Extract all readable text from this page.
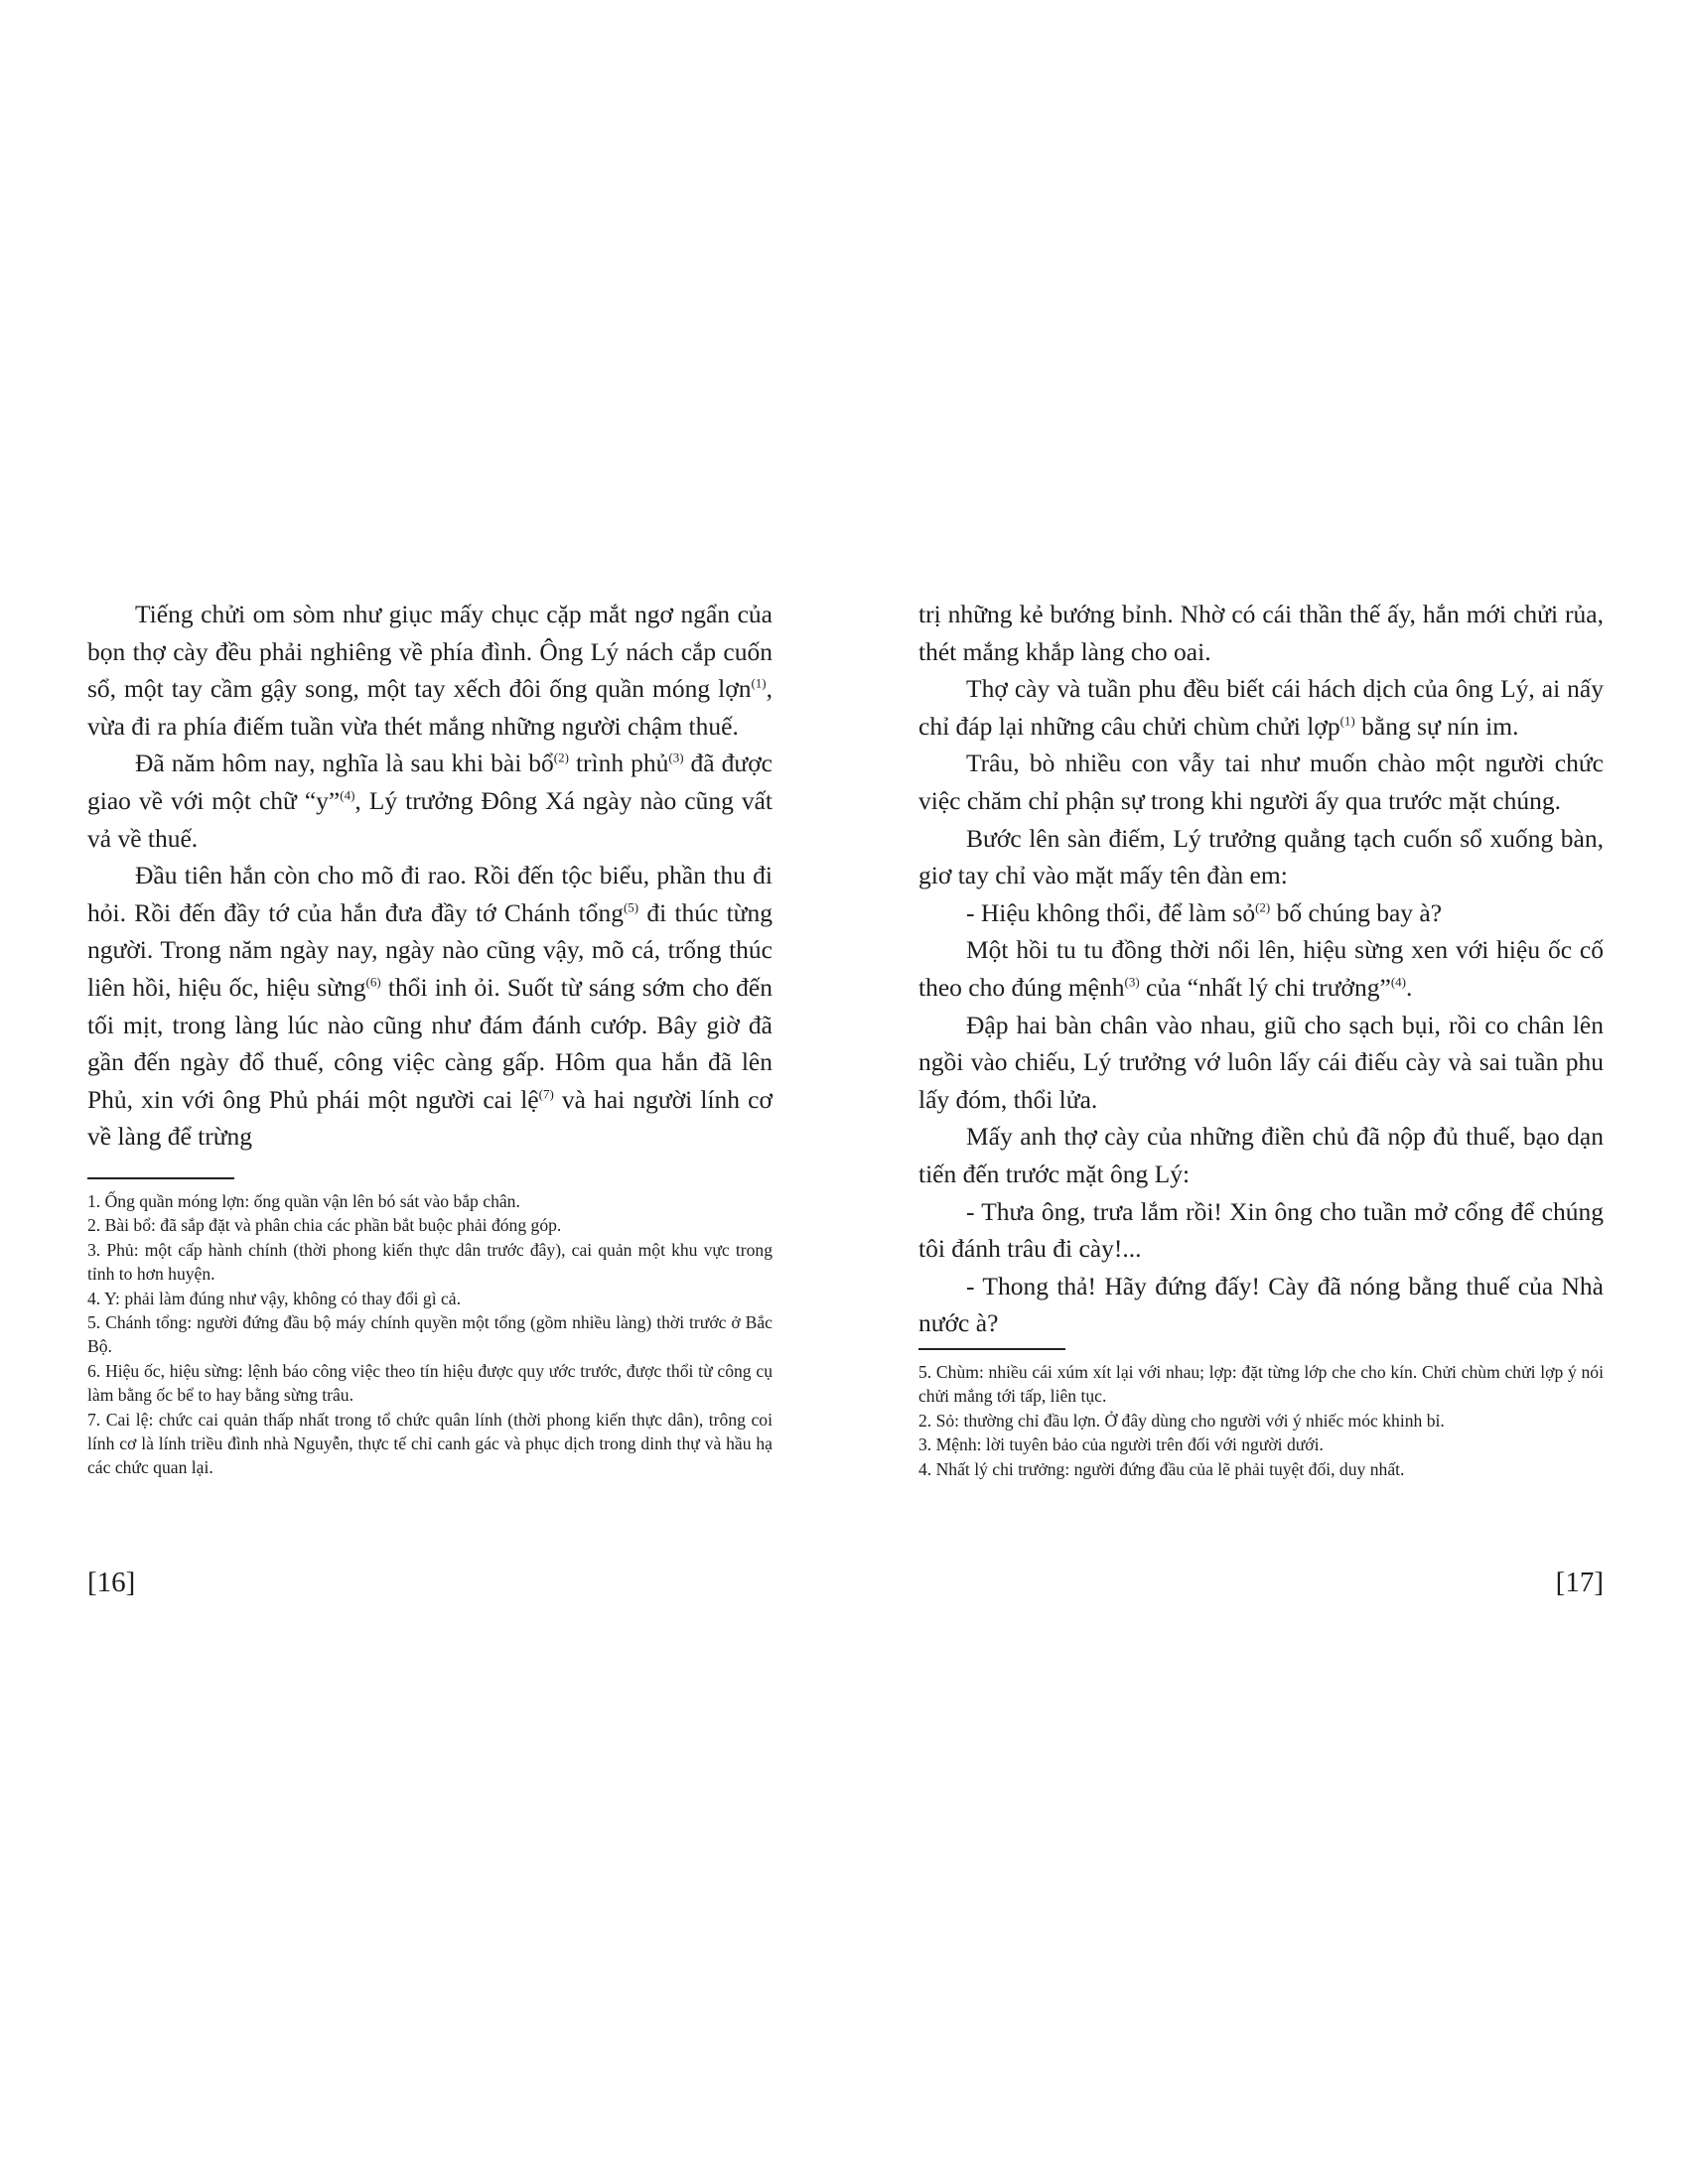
Tiếng chửi om sòm như giục mấy chục cặp mắt ngơ ngẩn của bọn thợ cày đều phải nghiêng về phía đình. Ông Lý nách cắp cuốn sổ, một tay cầm gậy song, một tay xếch đôi ống quần móng lợn$^{(1)}$, vừa đi ra phía điếm tuần vừa thét mắng những người chậm thuế.

Đã năm hôm nay, nghĩa là sau khi bài bổ$^{(2)}$ trình phủ$^{(3)}$ đã được giao về với một chữ “y”$^{(4)}$, Lý trưởng Đông Xá ngày nào cũng vất vả về thuế.

Đầu tiên hắn còn cho mõ đi rao. Rồi đến tộc biểu, phần thu đi hỏi. Rồi đến đầy tớ của hắn đưa đầy tớ Chánh tổng$^{(5)}$ đi thúc từng người. Trong năm ngày nay, ngày nào cũng vậy, mõ cá, trống thúc liên hồi, hiệu ốc, hiệu sừng$^{(6)}$ thổi inh ỏi. Suốt từ sáng sớm cho đến tối mịt, trong làng lúc nào cũng như đám đánh cướp. Bây giờ đã gần đến ngày đổ thuế, công việc càng gấp. Hôm qua hắn đã lên Phủ, xin với ông Phủ phái một người cai lệ$^{(7)}$ và hai người lính cơ về làng để trừng

1. Ống quần móng lợn: ống quần vận lên bó sát vào bắp chân.
2. Bài bổ: đã sắp đặt và phân chia các phần bắt buộc phải đóng góp.
3. Phủ: một cấp hành chính (thời phong kiến thực dân trước đây), cai quản một khu vực trong tỉnh to hơn huyện.
4. Y: phải làm đúng như vậy, không có thay đổi gì cả.
5. Chánh tổng: người đứng đầu bộ máy chính quyền một tổng (gồm nhiều làng) thời trước ở Bắc Bộ.
6. Hiệu ốc, hiệu sừng: lệnh báo công việc theo tín hiệu được quy ước trước, được thổi từ công cụ làm bằng ốc bể to hay bằng sừng trâu.
7. Cai lệ: chức cai quản thấp nhất trong tổ chức quân lính (thời phong kiến thực dân), trông coi lính cơ là lính triều đình nhà Nguyễn, thực tế chỉ canh gác và phục dịch trong dinh thự và hầu hạ các chức quan lại.
[16]

trị những kẻ bướng bỉnh. Nhờ có cái thần thế ấy, hắn mới chửi rủa, thét mắng khắp làng cho oai.

Thợ cày và tuần phu đều biết cái hách dịch của ông Lý, ai nấy chỉ đáp lại những câu chửi chùm chửi lợp$^{(1)}$ bằng sự nín im.

Trâu, bò nhiều con vẫy tai như muốn chào một người chức việc chăm chỉ phận sự trong khi người ấy qua trước mặt chúng.

Bước lên sàn điếm, Lý trưởng quẳng tạch cuốn sổ xuống bàn, giơ tay chỉ vào mặt mấy tên đàn em:

- Hiệu không thổi, để làm sỏ$^{(2)}$ bố chúng bay à?

Một hồi tu tu đồng thời nổi lên, hiệu sừng xen với hiệu ốc cố theo cho đúng mệnh$^{(3)}$ của “nhất lý chi trưởng”$^{(4)}$.

Đập hai bàn chân vào nhau, giũ cho sạch bụi, rồi co chân lên ngồi vào chiếu, Lý trưởng vớ luôn lấy cái điếu cày và sai tuần phu lấy đóm, thổi lửa.

Mấy anh thợ cày của những điền chủ đã nộp đủ thuế, bạo dạn tiến đến trước mặt ông Lý:

- Thưa ông, trưa lắm rồi! Xin ông cho tuần mở cổng để chúng tôi đánh trâu đi cày!...

- Thong thả! Hãy đứng đấy! Cày đã nóng bằng thuế của Nhà nước à?

5. Chùm: nhiều cái xúm xít lại với nhau; lợp: đặt từng lớp che cho kín. Chửi chùm chửi lợp ý nói chửi mắng tới tấp, liên tục.
2. Sỏ: thường chỉ đầu lợn. Ở đây dùng cho người với ý nhiếc móc khinh bỉ.
3. Mệnh: lời tuyên bảo của người trên đối với người dưới.
4. Nhất lý chi trưởng: người đứng đầu của lẽ phải tuyệt đối, duy nhất.
[17]
